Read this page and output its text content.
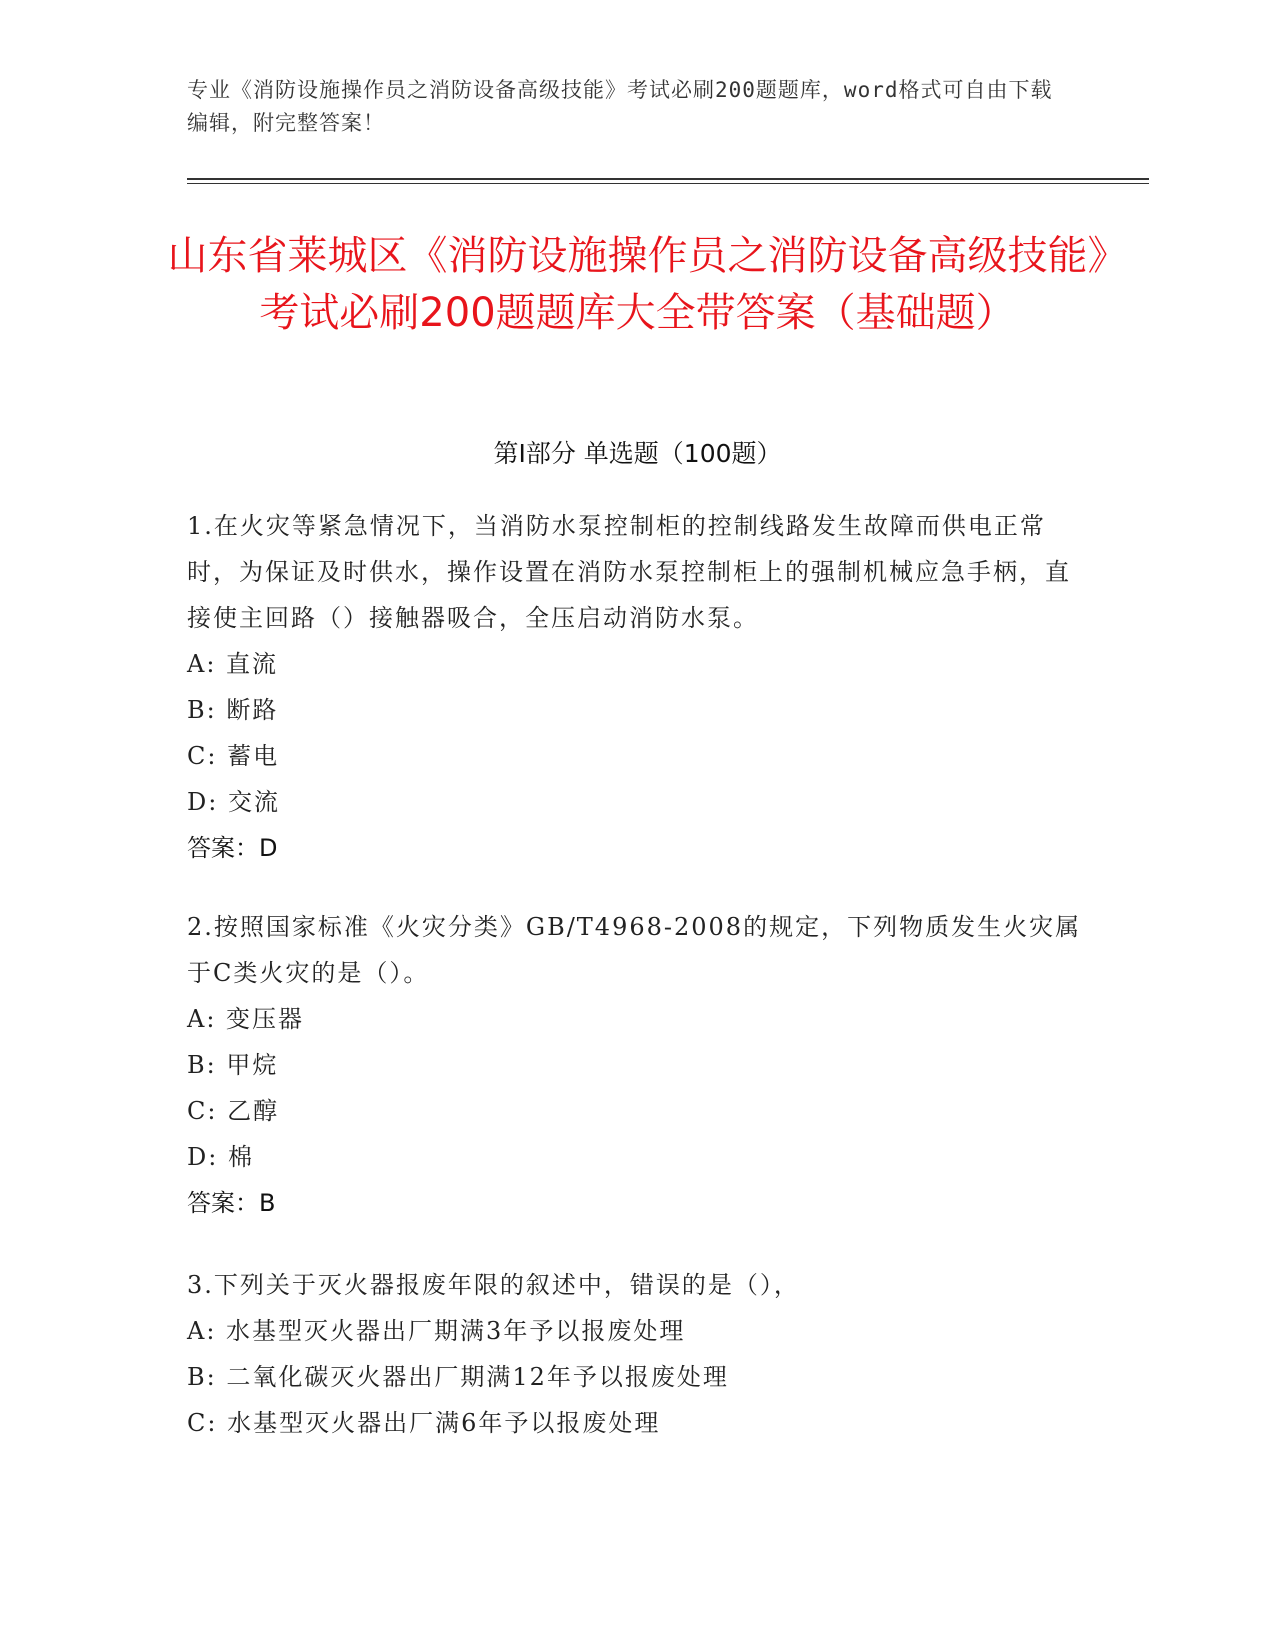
专业《消防设施操作员之消防设备高级技能》考试必刷200题题库，word格式可自由下载编辑，附完整答案！
山东省莱城区《消防设施操作员之消防设备高级技能》考试必刷200题题库大全带答案（基础题）
第I部分 单选题（100题）

1.在火灾等紧急情况下，当消防水泵控制柜的控制线路发生故障而供电正常时，为保证及时供水，操作设置在消防水泵控制柜上的强制机械应急手柄，直接使主回路（）接触器吸合，全压启动消防水泵。

A: 直流

B: 断路

C: 蓄电

D: 交流

答案：D

2.按照国家标准《火灾分类》GB/T4968-2008的规定，下列物质发生火灾属于C类火灾的是（）。

A: 变压器

B: 甲烷

C: 乙醇

D: 棉

答案：B

3.下列关于灭火器报废年限的叙述中，错误的是（），

A: 水基型灭火器出厂期满3年予以报废处理

B: 二氧化碳灭火器出厂期满12年予以报废处理

C: 水基型灭火器出厂满6年予以报废处理
